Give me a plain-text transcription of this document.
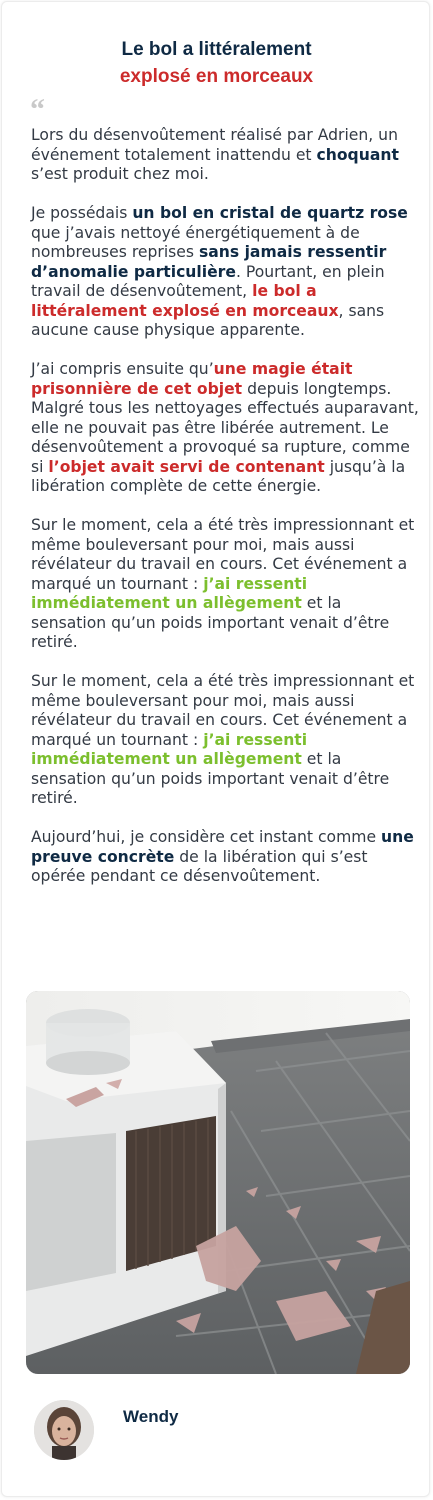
Le bol a littéralement
explosé en morceaux
“

Lors du désenvoûtement réalisé par Adrien, un événement totalement inattendu et choquant s’est produit chez moi.

Je possédais un bol en cristal de quartz rose que j’avais nettoyé énergétiquement à de nombreuses reprises sans jamais ressentir d’anomalie particulière. Pourtant, en plein travail de désenvoûtement, le bol a littéralement explosé en morceaux, sans aucune cause physique apparente.

J’ai compris ensuite qu’une magie était prisonnière de cet objet depuis longtemps. Malgré tous les nettoyages effectués auparavant, elle ne pouvait pas être libérée autrement. Le désenvoûtement a provoqué sa rupture, comme si l’objet avait servi de contenant jusqu’à la libération complète de cette énergie.

Sur le moment, cela a été très impressionnant et même bouleversant pour moi, mais aussi révélateur du travail en cours. Cet événement a marqué un tournant : j’ai ressenti immédiatement un allègement et la sensation qu’un poids important venait d’être retiré.

Sur le moment, cela a été très impressionnant et même bouleversant pour moi, mais aussi révélateur du travail en cours. Cet événement a marqué un tournant : j’ai ressenti immédiatement un allègement et la sensation qu’un poids important venait d’être retiré.

Aujourd’hui, je considère cet instant comme une preuve concrète de la libération qui s’est opérée pendant ce désenvoûtement.

Wendy
